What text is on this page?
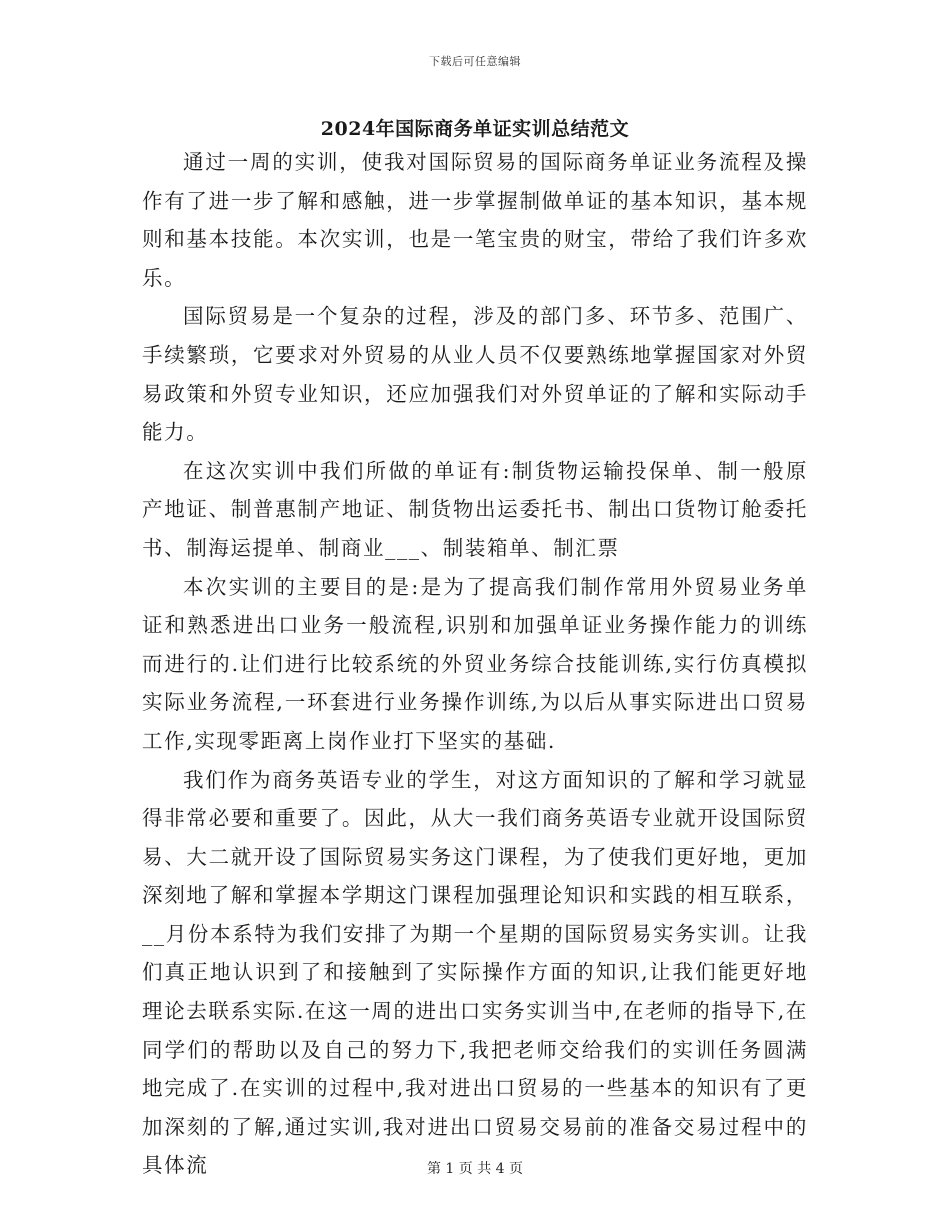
下载后可任意编辑
2024年国际商务单证实训总结范文

通过一周的实训，使我对国际贸易的国际商务单证业务流程及操作有了进一步了解和感触，进一步掌握制做单证的基本知识，基本规则和基本技能。本次实训，也是一笔宝贵的财宝，带给了我们许多欢乐。

国际贸易是一个复杂的过程，涉及的部门多、环节多、范围广、手续繁琐，它要求对外贸易的从业人员不仅要熟练地掌握国家对外贸易政策和外贸专业知识，还应加强我们对外贸单证的了解和实际动手能力。

在这次实训中我们所做的单证有:制货物运输投保单、制一般原产地证、制普惠制产地证、制货物出运委托书、制出口货物订舱委托书、制海运提单、制商业___、制装箱单、制汇票

本次实训的主要目的是:是为了提高我们制作常用外贸易业务单证和熟悉进出口业务一般流程,识别和加强单证业务操作能力的训练而进行的.让们进行比较系统的外贸业务综合技能训练,实行仿真模拟实际业务流程,一环套进行业务操作训练,为以后从事实际进出口贸易工作,实现零距离上岗作业打下坚实的基础.

我们作为商务英语专业的学生，对这方面知识的了解和学习就显得非常必要和重要了。因此，从大一我们商务英语专业就开设国际贸易、大二就开设了国际贸易实务这门课程，为了使我们更好地，更加深刻地了解和掌握本学期这门课程加强理论知识和实践的相互联系，__月份本系特为我们安排了为期一个星期的国际贸易实务实训。让我们真正地认识到了和接触到了实际操作方面的知识,让我们能更好地理论去联系实际.在这一周的进出口实务实训当中,在老师的指导下,在同学们的帮助以及自己的努力下,我把老师交给我们的实训任务圆满地完成了.在实训的过程中,我对进出口贸易的一些基本的知识有了更加深刻的了解,通过实训,我对进出口贸易交易前的准备交易过程中的具体流	第 1 页 共 4 页
